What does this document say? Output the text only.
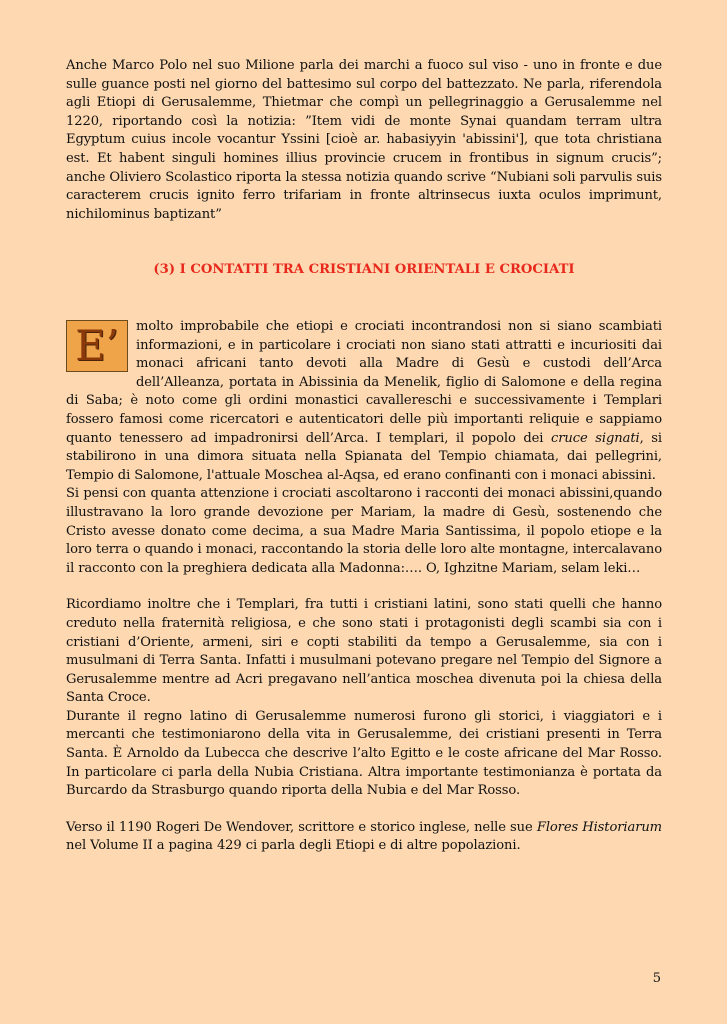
Anche Marco Polo nel suo Milione parla dei marchi a fuoco sul viso - uno in fronte e due sulle guance posti nel giorno del battesimo sul corpo del battezzato. Ne parla, riferendola agli Etiopi di Gerusalemme, Thietmar che compì un pellegrinaggio a Gerusalemme nel 1220, riportando così la notizia: ”Item vidi de monte Synai quandam terram ultra Egyptum cuius incole vocantur Yssini [cioè ar. habasiyyin 'abissini'], que tota christiana est. Et habent singuli homines illius provincie crucem in frontibus in signum crucis”; anche Oliviero Scolastico riporta la stessa notizia quando scrive “Nubiani soli parvulis suis caracterem crucis ignito ferro trifariam in fronte altrinsecus iuxta oculos imprimunt, nichilominus baptizant”

(3) I CONTATTI TRA CRISTIANI ORIENTALI E CROCIATI

E’	molto improbabile che etiopi e crociati incontrandosi non si siano scambiati informazioni, e in particolare i crociati non siano stati attratti e incuriositi dai monaci africani tanto devoti alla Madre di Gesù e custodi dell’Arca dell’Alleanza, portata in Abissinia da Menelik, figlio di Salomone e della regina di Saba; è noto come gli ordini monastici cavallereschi e successivamente i Templari fossero famosi come ricercatori e autenticatori delle più importanti reliquie e sappiamo quanto tenessero ad impadronirsi dell’Arca. I templari, il popolo dei cruce signati, si stabilirono in una dimora situata nella Spianata del Tempio chiamata, dai pellegrini, Tempio di Salomone, l'attuale Moschea al-Aqsa, ed erano confinanti con i monaci abissini.

Si pensi con quanta attenzione i crociati ascoltarono i racconti dei monaci abissini,quando illustravano la loro grande devozione per Mariam, la madre di Gesù, sostenendo che Cristo avesse donato come decima, a sua Madre Maria Santissima, il popolo etiope e la loro terra o quando i monaci, raccontando la storia delle loro alte montagne, intercalavano il racconto con la preghiera dedicata alla Madonna:…. O, Ighzitne Mariam, selam leki…

Ricordiamo inoltre che i Templari, fra tutti i cristiani latini, sono stati quelli che hanno creduto nella fraternità religiosa, e che sono stati i protagonisti degli scambi sia con i cristiani d’Oriente, armeni, siri e copti stabiliti da tempo a Gerusalemme, sia con i musulmani di Terra Santa. Infatti i musulmani potevano pregare nel Tempio del Signore a Gerusalemme mentre ad Acri pregavano nell’antica moschea divenuta poi la chiesa della Santa Croce.

Durante il regno latino di Gerusalemme numerosi furono gli storici, i viaggiatori e i mercanti che testimoniarono della vita in Gerusalemme, dei cristiani presenti in Terra Santa. È Arnoldo da Lubecca che descrive l’alto Egitto e le coste africane del Mar Rosso. In particolare ci parla della Nubia Cristiana. Altra importante testimonianza è portata da Burcardo da Strasburgo quando riporta della Nubia e del Mar Rosso.

Verso il 1190 Rogeri De Wendover, scrittore e storico inglese, nelle sue Flores Historiarum nel Volume II a pagina 429 ci parla degli Etiopi e di altre popolazioni.

5
